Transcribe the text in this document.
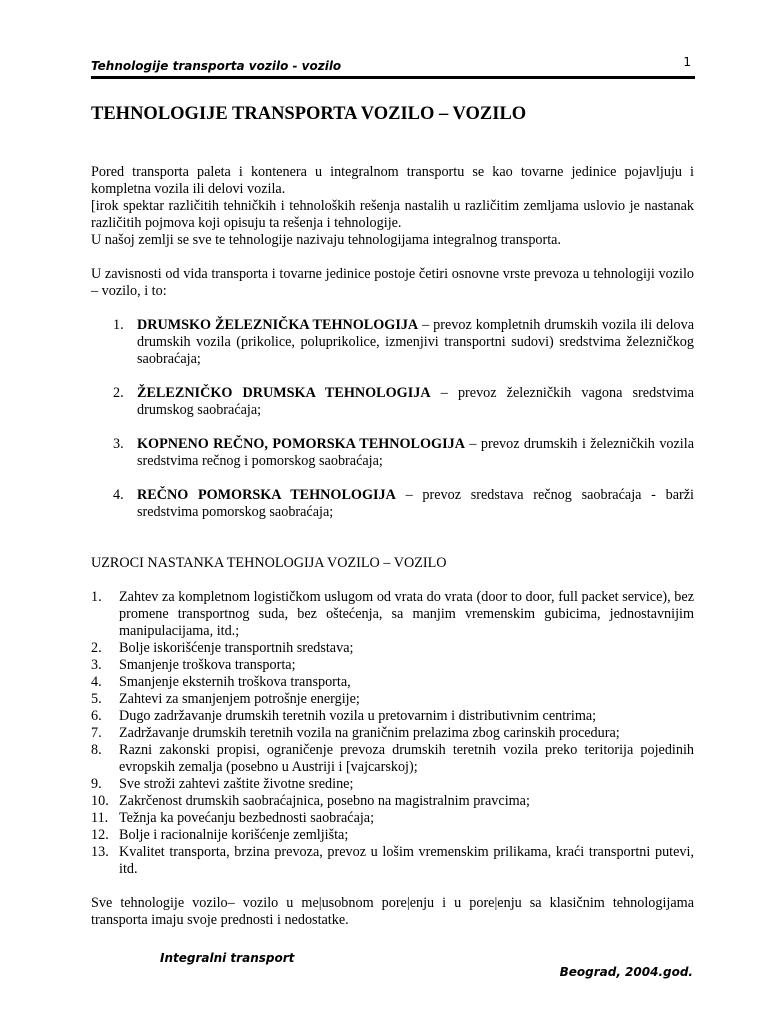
Tehnologije transporta vozilo - vozilo	1
TEHNOLOGIJE TRANSPORTA VOZILO – VOZILO

Pored transporta paleta i kontenera u integralnom transportu se kao tovarne jedinice pojavljuju i kompletna vozila ili delovi vozila.

[irok spektar različitih tehničkih i tehnoloških rešenja nastalih u različitim zemljama uslovio je nastanak različitih pojmova koji opisuju ta rešenja i tehnologije.

U našoj zemlji se sve te tehnologije nazivaju tehnologijama integralnog transporta.

U zavisnosti od vida transporta i tovarne jedinice postoje četiri osnovne vrste prevoza u tehnologiji vozilo – vozilo, i to:

1. DRUMSKO ŽELEZNIČKA TEHNOLOGIJA – prevoz kompletnih drumskih vozila ili delova drumskih vozila (prikolice, poluprikolice, izmenjivi transportni sudovi) sredstvima železničkog saobraćaja;
2. ŽELEZNIČKO DRUMSKA TEHNOLOGIJA – prevoz železničkih vagona sredstvima drumskog saobraćaja;
3. KOPNENO REČNO, POMORSKA TEHNOLOGIJA – prevoz drumskih i železničkih vozila sredstvima rečnog i pomorskog saobraćaja;
4. REČNO POMORSKA TEHNOLOGIJA – prevoz sredstava rečnog saobraćaja - barži sredstvima pomorskog saobraćaja;

UZROCI NASTANKA TEHNOLOGIJA VOZILO – VOZILO

1. Zahtev za kompletnom logističkom uslugom od vrata do vrata (door to door, full packet service), bez promene transportnog suda, bez oštećenja, sa manjim vremenskim gubicima, jednostavnijim manipulacijama, itd.;
2. Bolje iskorišćenje transportnih sredstava;
3. Smanjenje troškova transporta;
4. Smanjenje eksternih troškova transporta,
5. Zahtevi za smanjenjem potrošnje energije;
6. Dugo zadržavanje drumskih teretnih vozila u pretovarnim i distributivnim centrima;
7. Zadržavanje drumskih teretnih vozila na graničnim prelazima zbog carinskih procedura;
8. Razni zakonski propisi, ograničenje prevoza drumskih teretnih vozila preko teritorija pojedinih evropskih zemalja (posebno u Austriji i [vajcarskoj);
9. Sve stroži zahtevi zaštite životne sredine;
10. Zakrčenost drumskih saobraćajnica, posebno na magistralnim pravcima;
11. Težnja ka povećanju bezbednosti saobraćaja;
12. Bolje i racionalnije korišćenje zemljišta;
13. Kvalitet transporta, brzina prevoza, prevoz u lošim vremenskim prilikama, kraći transportni putevi, itd.

Sve tehnologije vozilo– vozilo u me|usobnom pore|enju i u pore|enju sa klasičnim tehnologijama transporta imaju svoje prednosti i nedostatke.

Integralni transport
Beograd, 2004.god.
